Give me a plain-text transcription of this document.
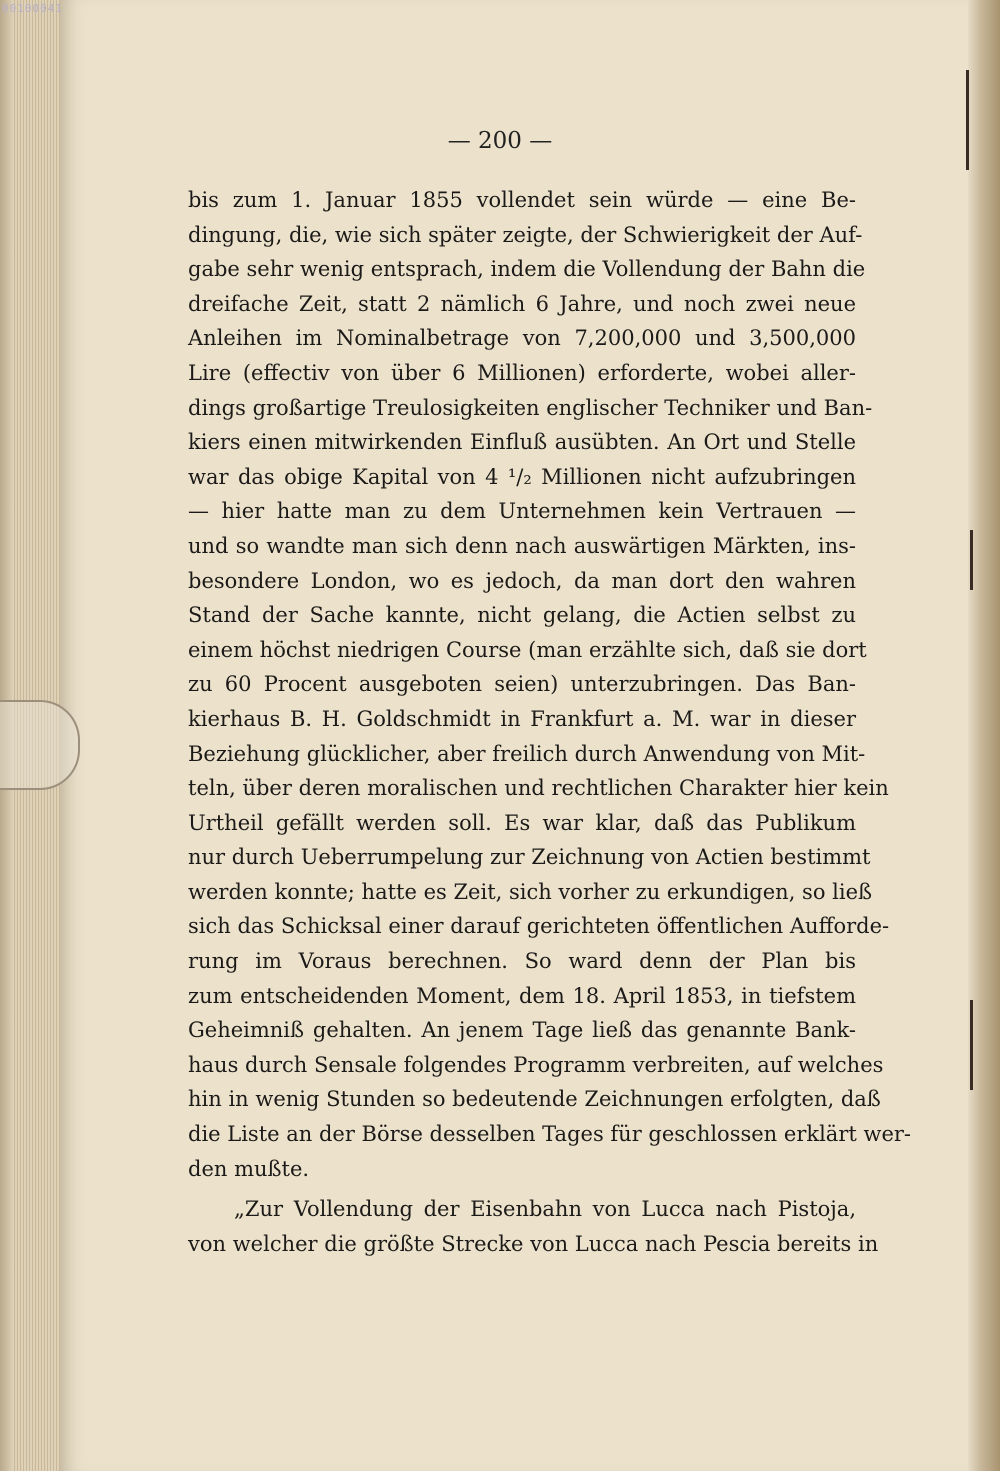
00100041
— 200 —
bis zum 1. Januar 1855 vollendet sein würde — eine Be-
dingung, die, wie sich später zeigte, der Schwierigkeit der Auf-
gabe sehr wenig entsprach, indem die Vollendung der Bahn die
dreifache Zeit, statt 2 nämlich 6 Jahre, und noch zwei neue
Anleihen im Nominalbetrage von 7,200,000 und 3,500,000
Lire (effectiv von über 6 Millionen) erforderte, wobei aller-
dings großartige Treulosigkeiten englischer Techniker und Ban-
kiers einen mitwirkenden Einfluß ausübten. An Ort und Stelle
war das obige Kapital von 4 ¹/₂ Millionen nicht aufzubringen
— hier hatte man zu dem Unternehmen kein Vertrauen —
und so wandte man sich denn nach auswärtigen Märkten, ins-
besondere London, wo es jedoch, da man dort den wahren
Stand der Sache kannte, nicht gelang, die Actien selbst zu
einem höchst niedrigen Course (man erzählte sich, daß sie dort
zu 60 Procent ausgeboten seien) unterzubringen. Das Ban-
kierhaus B. H. Goldschmidt in Frankfurt a. M. war in dieser
Beziehung glücklicher, aber freilich durch Anwendung von Mit-
teln, über deren moralischen und rechtlichen Charakter hier kein
Urtheil gefällt werden soll. Es war klar, daß das Publikum
nur durch Ueberrumpelung zur Zeichnung von Actien bestimmt
werden konnte; hatte es Zeit, sich vorher zu erkundigen, so ließ
sich das Schicksal einer darauf gerichteten öffentlichen Aufforde-
rung im Voraus berechnen. So ward denn der Plan bis
zum entscheidenden Moment, dem 18. April 1853, in tiefstem
Geheimniß gehalten. An jenem Tage ließ das genannte Bank-
haus durch Sensale folgendes Programm verbreiten, auf welches
hin in wenig Stunden so bedeutende Zeichnungen erfolgten, daß
die Liste an der Börse desselben Tages für geschlossen erklärt wer-
den mußte.
„Zur Vollendung der Eisenbahn von Lucca nach Pistoja,
von welcher die größte Strecke von Lucca nach Pescia bereits in
